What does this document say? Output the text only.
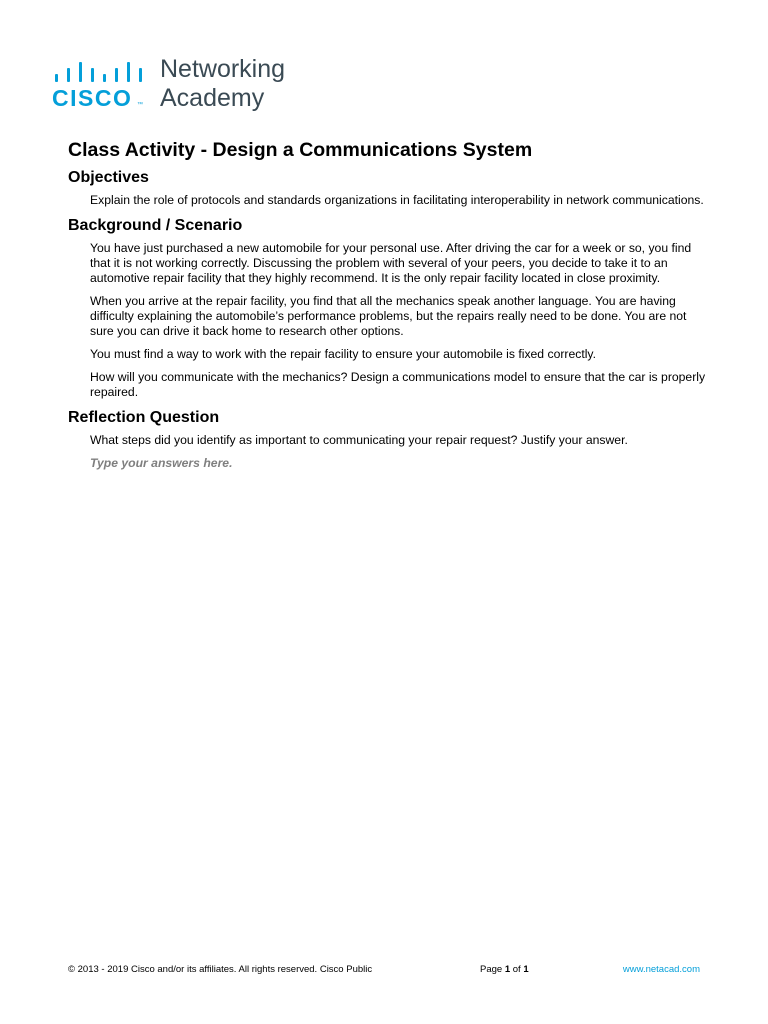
CISCO ™
Networking
Academy
Class Activity - Design a Communications System
Objectives

Explain the role of protocols and standards organizations in facilitating interoperability in network communications.

Background / Scenario

You have just purchased a new automobile for your personal use. After driving the car for a week or so, you find that it is not working correctly. Discussing the problem with several of your peers, you decide to take it to an automotive repair facility that they highly recommend. It is the only repair facility located in close proximity.

When you arrive at the repair facility, you find that all the mechanics speak another language. You are having difficulty explaining the automobile’s performance problems, but the repairs really need to be done. You are not sure you can drive it back home to research other options.

You must find a way to work with the repair facility to ensure your automobile is fixed correctly.

How will you communicate with the mechanics? Design a communications model to ensure that the car is properly repaired.

Reflection Question

What steps did you identify as important to communicating your repair request? Justify your answer.

Type your answers here.

© 2013 - 2019 Cisco and/or its affiliates. All rights reserved. Cisco Public	Page 1 of 1	www.netacad.com
